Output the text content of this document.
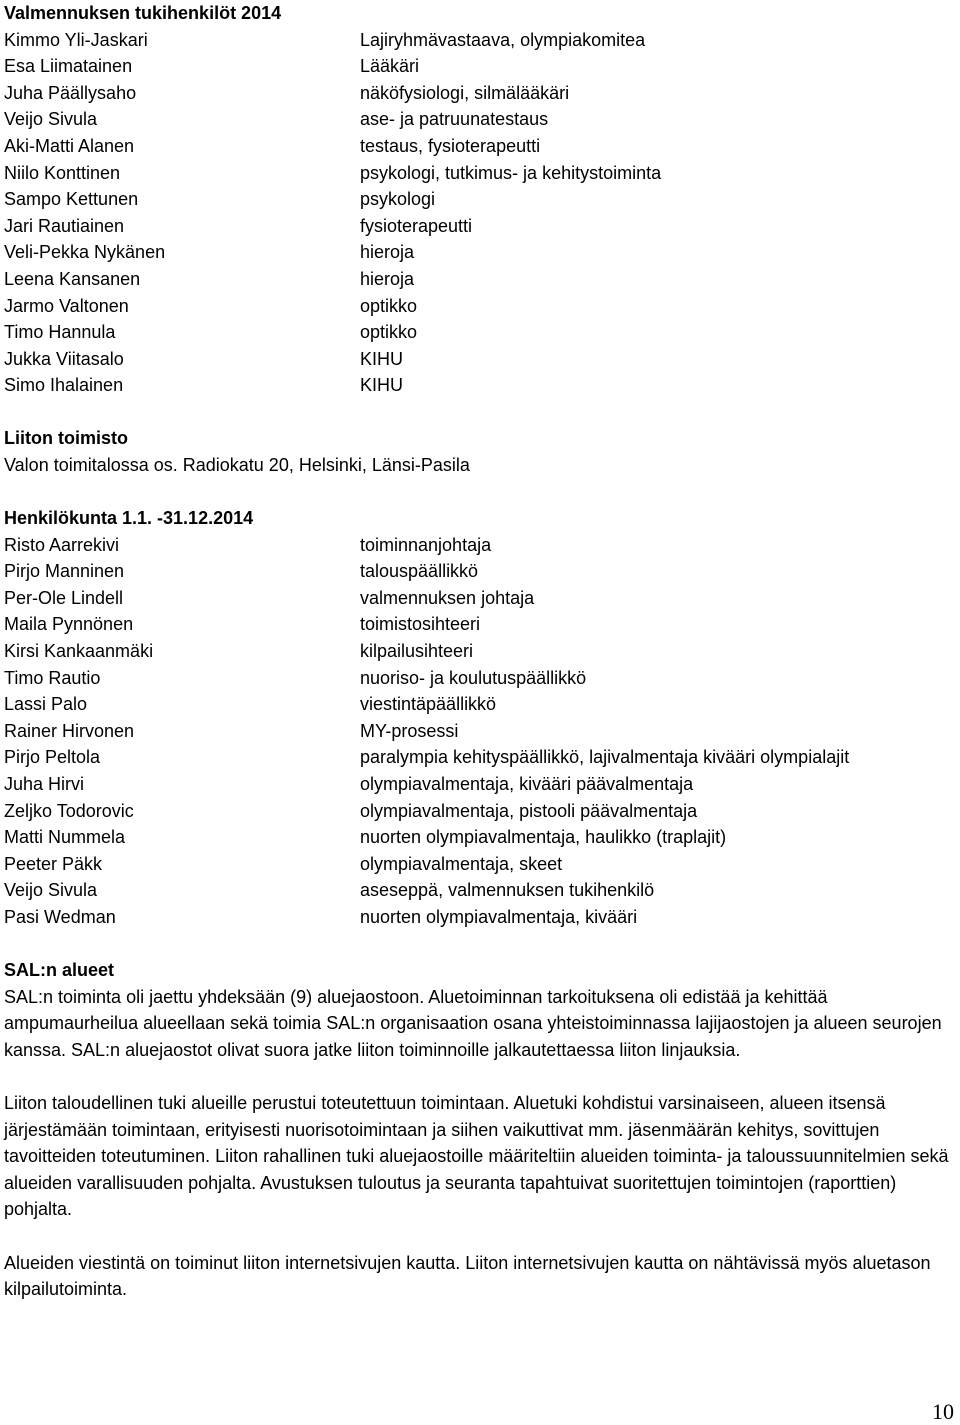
Valmennuksen tukihenkilöt 2014
Kimmo Yli-Jaskari	Lajiryhmävastaava, olympiakomitea
Esa Liimatainen	Lääkäri
Juha Päällysaho	näköfysiologi, silmälääkäri
Veijo Sivula	ase- ja patruunatestaus
Aki-Matti Alanen	testaus, fysioterapeutti
Niilo Konttinen	psykologi, tutkimus- ja kehitystoiminta
Sampo Kettunen	psykologi
Jari Rautiainen	fysioterapeutti
Veli-Pekka Nykänen	hieroja
Leena Kansanen	hieroja
Jarmo Valtonen	optikko
Timo Hannula	optikko
Jukka Viitasalo	KIHU
Simo Ihalainen	KIHU
Liiton toimisto
Valon toimitalossa os. Radiokatu 20, Helsinki, Länsi-Pasila
Henkilökunta 1.1. -31.12.2014
Risto Aarrekivi	toiminnanjohtaja
Pirjo Manninen	talouspäällikkö
Per-Ole Lindell	valmennuksen johtaja
Maila Pynnönen	toimistosihteeri
Kirsi Kankaanmäki	kilpailusihteeri
Timo Rautio	nuoriso- ja koulutuspäällikkö
Lassi Palo	viestintäpäällikkö
Rainer Hirvonen	MY-prosessi
Pirjo Peltola	paralympia kehityspäällikkö, lajivalmentaja kivääri olympialajit
Juha Hirvi	olympiavalmentaja, kivääri päävalmentaja
Zeljko Todorovic	olympiavalmentaja, pistooli päävalmentaja
Matti Nummela	nuorten olympiavalmentaja, haulikko (traplajit)
Peeter Päkk	olympiavalmentaja, skeet
Veijo Sivula	aseseppä, valmennuksen tukihenkilö
Pasi Wedman	nuorten olympiavalmentaja, kivääri
SAL:n alueet

SAL:n toiminta oli jaettu yhdeksään (9) aluejaostoon. Aluetoiminnan tarkoituksena oli edistää ja kehittää ampumaurheilua alueellaan sekä toimia SAL:n organisaation osana yhteistoiminnassa lajijaostojen ja alueen seurojen kanssa. SAL:n aluejaostot olivat suora jatke liiton toiminnoille jalkautettaessa liiton linjauksia.

Liiton taloudellinen tuki alueille perustui toteutettuun toimintaan. Aluetuki kohdistui varsinaiseen, alueen itsensä järjestämään toimintaan, erityisesti nuorisotoimintaan ja siihen vaikuttivat mm. jäsenmäärän kehitys, sovittujen tavoitteiden toteutuminen. Liiton rahallinen tuki aluejaostoille määriteltiin alueiden toiminta- ja taloussuunnitelmien sekä alueiden varallisuuden pohjalta. Avustuksen tuloutus ja seuranta tapahtuivat suoritettujen toimintojen (raporttien) pohjalta.

Alueiden viestintä on toiminut liiton internetsivujen kautta. Liiton internetsivujen kautta on nähtävissä myös aluetason kilpailutoiminta.

10
